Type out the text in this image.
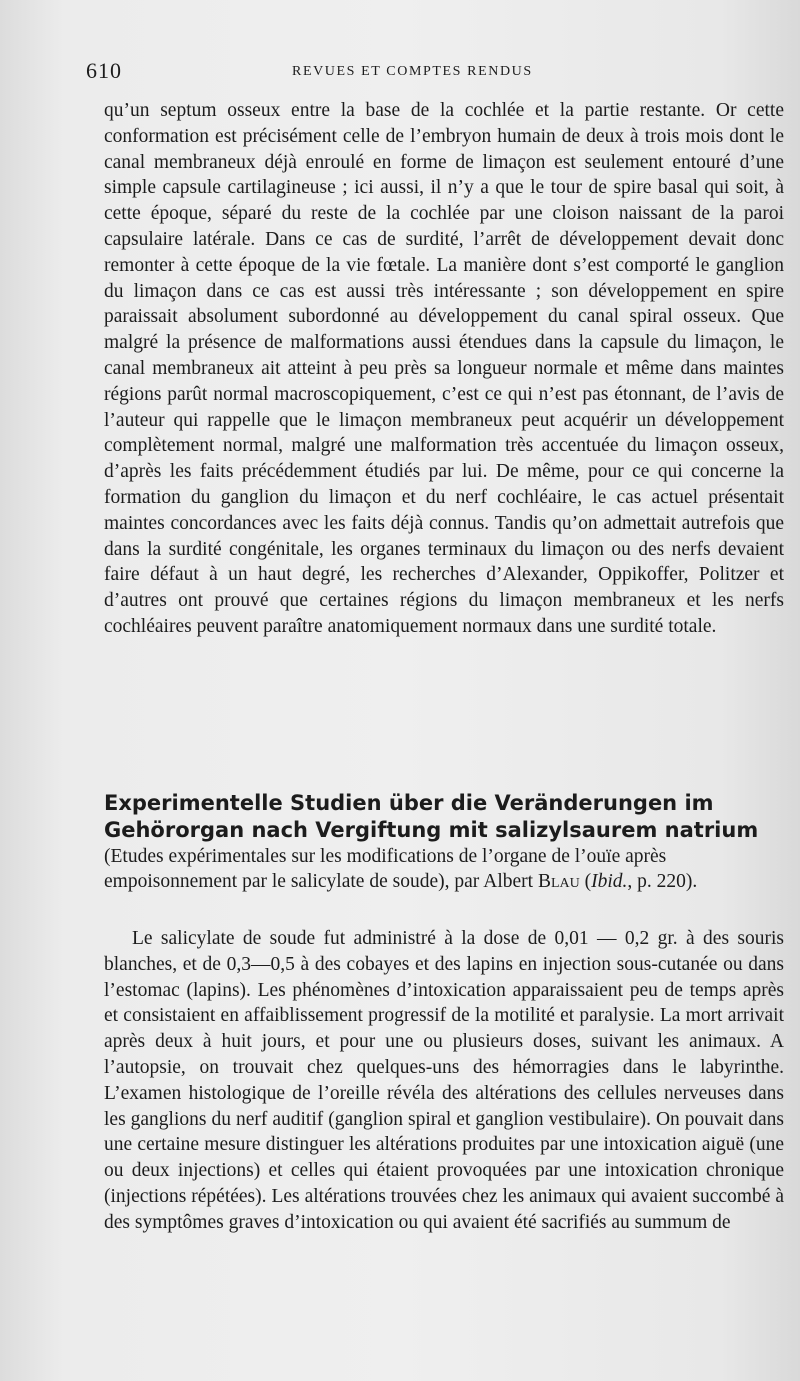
610	REVUES ET COMPTES RENDUS

qu’un septum osseux entre la base de la cochlée et la partie restante. Or cette conformation est précisément celle de l’embryon humain de deux à trois mois dont le canal membraneux déjà enroulé en forme de limaçon est seulement entouré d’une simple capsule cartilagineuse ; ici aussi, il n’y a que le tour de spire basal qui soit, à cette époque, séparé du reste de la cochlée par une cloison naissant de la paroi capsulaire latérale. Dans ce cas de surdité, l’arrêt de développement devait donc remonter à cette époque de la vie fœtale. La manière dont s’est comporté le ganglion du limaçon dans ce cas est aussi très intéressante ; son développement en spire paraissait absolument subordonné au développement du canal spiral osseux. Que malgré la présence de malformations aussi étendues dans la capsule du limaçon, le canal membraneux ait atteint à peu près sa longueur normale et même dans maintes régions parût normal macroscopiquement, c’est ce qui n’est pas étonnant, de l’avis de l’auteur qui rappelle que le limaçon membraneux peut acquérir un développement complètement normal, malgré une malformation très accentuée du limaçon osseux, d’après les faits précédemment étudiés par lui. De même, pour ce qui concerne la formation du ganglion du limaçon et du nerf cochléaire, le cas actuel présentait maintes concordances avec les faits déjà connus. Tandis qu’on admettait autrefois que dans la surdité congénitale, les organes terminaux du limaçon ou des nerfs devaient faire défaut à un haut degré, les recherches d’Alexander, Oppikoffer, Politzer et d’autres ont prouvé que certaines régions du limaçon membraneux et les nerfs cochléaires peuvent paraître anatomiquement normaux dans une surdité totale.

Experimentelle Studien über die Veränderungen im Gehörorgan nach Vergiftung mit salizylsaurem natrium (Etudes expérimentales sur les modifications de l’organe de l’ouïe après empoisonnement par le salicylate de soude), par Albert Blau (Ibid., p. 220).

Le salicylate de soude fut administré à la dose de 0,01 — 0,2 gr. à des souris blanches, et de 0,3—0,5 à des cobayes et des lapins en injection sous-cutanée ou dans l’estomac (lapins). Les phénomènes d’intoxication apparaissaient peu de temps après et consistaient en affaiblissement progressif de la motilité et paralysie. La mort arrivait après deux à huit jours, et pour une ou plusieurs doses, suivant les animaux. A l’autopsie, on trouvait chez quelques-uns des hémorragies dans le labyrinthe. L’examen histologique de l’oreille révéla des altérations des cellules nerveuses dans les ganglions du nerf auditif (ganglion spiral et ganglion vestibulaire). On pouvait dans une certaine mesure distinguer les altérations produites par une intoxication aiguë (une ou deux injections) et celles qui étaient provoquées par une intoxication chronique (injections répétées). Les altérations trouvées chez les animaux qui avaient succombé à des symptômes graves d’intoxication ou qui avaient été sacrifiés au summum de
